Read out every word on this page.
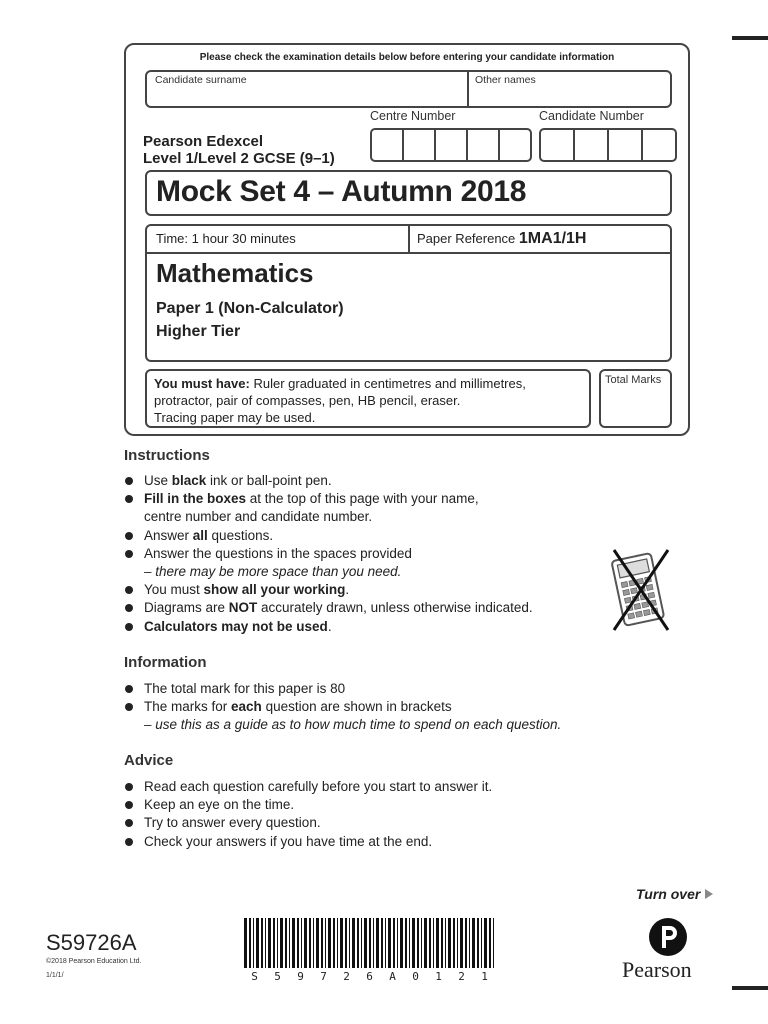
Please check the examination details below before entering your candidate information
Candidate surname	Other names
Pearson Edexcel
Level 1/Level 2 GCSE (9–1)
Centre Number	Candidate Number
Mock Set 4 – Autumn 2018
Time: 1 hour 30 minutes	Paper Reference 1MA1/1H
Mathematics
Paper 1 (Non-Calculator)
Higher Tier
You must have: Ruler graduated in centimetres and millimetres, protractor, pair of compasses, pen, HB pencil, eraser.
Tracing paper may be used.
Total Marks
Instructions
Use black ink or ball-point pen.
Fill in the boxes at the top of this page with your name,
centre number and candidate number.
Answer all questions.
Answer the questions in the spaces provided
– there may be more space than you need.
You must show all your working.
Diagrams are NOT accurately drawn, unless otherwise indicated.
Calculators may not be used.
Information
The total mark for this paper is 80
The marks for each question are shown in brackets
– use this as a guide as to how much time to spend on each question.
Advice
Read each question carefully before you start to answer it.
Keep an eye on the time.
Try to answer every question.
Check your answers if you have time at the end.
Turn over
S59726A
©2018 Pearson Education Ltd.
1/1/1/	S 5 9 7 2 6 A 0 1 2 1	Pearson
